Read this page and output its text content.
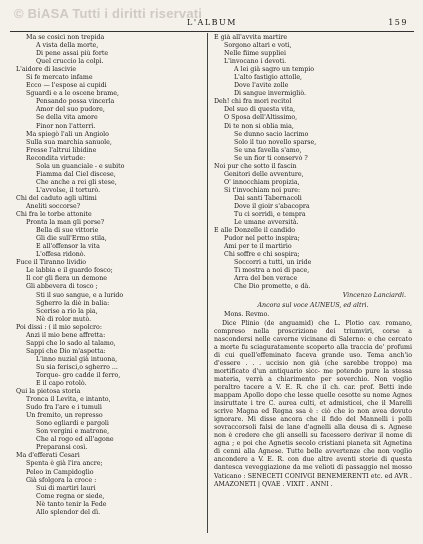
© BiASA Tutti i diritti riservati
L'ALBUM	159
Ma se cosicì non trepida
A vista della morte,
Di pene assai più forte
Quel cruccio la colpì.
L'aidore di lascivie
Si fe mercato infame
Ecco — l'espose ai cupidi
Sguardi e a le oscene brame,
Pensando possa vincerla
Amor del suo pudore,
Se della vita amore
Finor non l'atterrì.
Ma spiegò l'ali un Angiolo
Sulla sua marchia sanuole,
Fresse l'altrui libidine
Recondita virtude:
Sola un guanciale - e subito
Fiamma dal Ciel discese,
Che anche a rei gli stese,
L'avvolse, il torturò.
Chi del caduto agli ultimi
Aneliti soccorse?
Chi fra le torbe attonite
Pronta la man gli porse?
Bella di sue vittorie
Gli die sull'Ermo stila,
E all'offensor la vita
L'offesa ridonò.
Fuce il Tiranno lividio
Le labbia e il guardo fosco;
Il cor gli fiera un demone
Gli abbevera di tosco ;
Sti il suo sangue, e a lurido
Sgherro la diè in balia:
Scerise a rio la pia,
Nè di rolor mutò.
Poi dissi : ( il mio sepolcro:
Anzi il mio bene affretta:
Sappi che lo sado al talamo,
Sappi che Dio m'aspetta:
L'inno nuzial già intuona,
Su sia ferisci,o sgherro ...
Torque- gro cadde il ferro,
E il capo rotolò.
Qui la pietosa storia
Tronca il Levita, e intanto,
Sudo fra l'are e i tumuli
Un fremito, un represso
Sono egliardi e pargoli
Son vergini e matrone,
Che al rogo ed all'agone
Preparansi così.
Ma d'efferati Cesari
Spenta è già l'ira ancre;
Peleo in Campidoglio
Già sfolgora la croce :
Sui di martiri lauri
Come regna or siede,
Nè tanto tenir la Fede
Allo splendor del dì.
E già all'avvita martire
Sorgono altari e voti,
Nelle fiime suppliei
L'invocano i devoti.
A lei già sagro un tempio
L'alto fastigio attolle,
Dove l'avite zolle
Di sangue invermigliò.
Deh! chi fra mori recitol
Del suo di questa vita,
O Sposa dell'Altissimo,
Di te non si oblia mia,
Se dunno sacio lacrimo
Solo il tuo novello sparse,
Se una favella s'amo,
Se un fior ti conservò ?
Noi pur che sotto il fascin
Genitori delle avventure,
O' innocchiam propizia,
Si t'invochiam noi pure:
Dai santi Tabernacoli
Dove il gioir s'abacopra
Tu ci sorridi, e tempra
Le umane avversità.
E alle Donzelle il candido
Pudor nel petto inspira;
Ami per te il martirio
Chi soffre e chi sospira;
Soccorri a tutti, un iride
Ti mostra a noi di pace,
Arra del ben verace
Che Dio promette, e dà.
Vincenzo Lanciardi.
Ancora sul voce AUNEUS, ed altri.
Mons. Revmo.
Dice Plinio (de anguamid) che L. Plotio cav. romano, compreso nella proscrizione dei triumviri, corse a nascondersi nelle caverne vicinane di Salerno: e che cercato a morte fu sciaguratamente scoperto alla traccia de' profumi di cui quell'effeminato faceva grande uso. Tema anch'io d'essere . . . uccisio non già (che sarebbe troppo) ma mortificato d'un antiquario sicc- me potendo pure la stessa materia, verrà a chiarimento per soverchio. Non voglio peraltro tacere a V. E. R. che il ch. car. prof. Betti inde mappam Apollo dopo che lesse quelle cesotte su nome Agnes insiruttate i tre C. aurea culti, et admisticei, che il Marelli scrive Magna ed Regna ssa è : ciò che io non avea dovuto ignorare. Mi disse ancora che il fido del Mannelli i polli sovraccorsoli falsi de lane d'agnelli alla deusa di s. Agnese non è credere che gli anselli su facessero derivar il nome di agna ; e poi che Agnetis secolo cristiani pianeta sit Agnetina di cenni alla Agnese. Tutte belle avvertenze che non voglio ancondere a V. E. R. con due altre aventi storie di questa dantesca veveggiazione da me velioti di passaggio nel mosso Vaticano : SENECETI CONIVGI BENEMERENTI etc. ed AVR . AMAZONETI | QVAE . VIXIT . ANNI .
